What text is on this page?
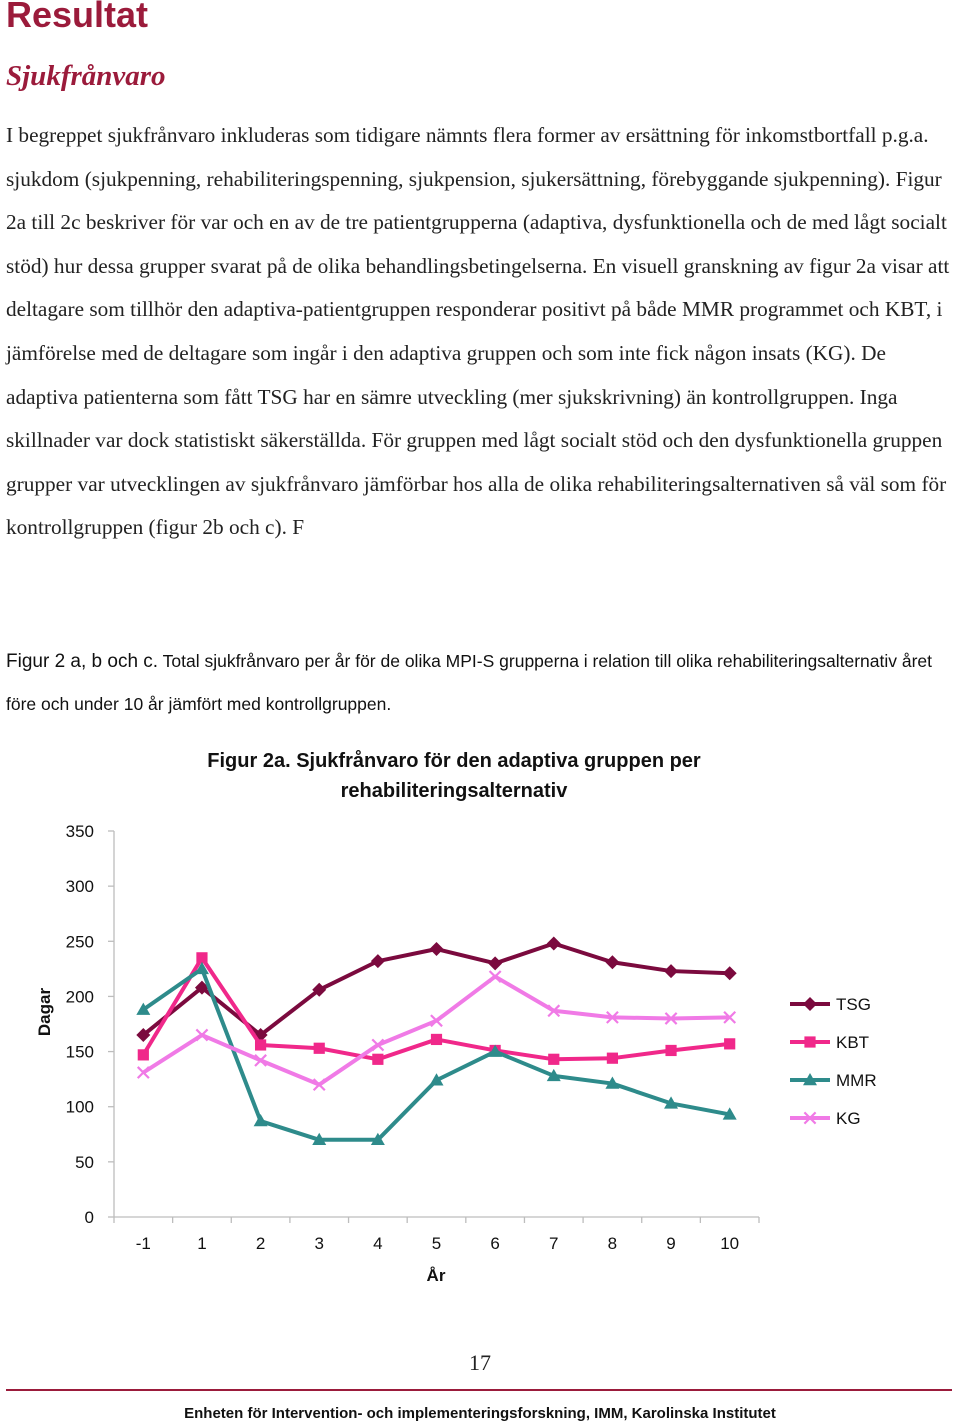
Resultat
Sjukfrånvaro

I begreppet sjukfrånvaro inkluderas som tidigare nämnts flera former av ersättning för inkomstbortfall p.g.a. sjukdom (sjukpenning, rehabiliteringspenning, sjukpension, sjukersättning, förebyggande sjukpenning). Figur 2a till 2c beskriver för var och en av de tre patientgrupperna (adaptiva, dysfunktionella och de med lågt socialt stöd) hur dessa grupper svarat på de olika behandlingsbetingelserna. En visuell granskning av figur 2a visar att deltagare som tillhör den adaptiva-patientgruppen responderar positivt på både MMR programmet och KBT, i jämförelse med de deltagare som ingår i den adaptiva gruppen och som inte fick någon insats (KG). De adaptiva patienterna som fått TSG har en sämre utveckling (mer sjukskrivning) än kontrollgruppen. Inga skillnader var dock statistiskt säkerställda. För gruppen med lågt socialt stöd och den dysfunktionella gruppen grupper var utvecklingen av sjukfrånvaro jämförbar hos alla de olika rehabiliteringsalternativen så väl som för kontrollgruppen (figur 2b och c). F

Figur 2 a, b och c. Total sjukfrånvaro per år för de olika MPI-S grupperna i relation till olika rehabiliteringsalternativ året före och under 10 år jämfört med kontrollgruppen.

Figur 2a. Sjukfrånvaro för den adaptiva gruppen per
rehabiliteringsalternativ
0
50
100
150
200
250
300
350
-1	1	2	3	4	5	6	7	8	9	10
Dagar
År
TSG
KBT
MMR
KG
17
Enheten för Intervention- och implementeringsforskning, IMM, Karolinska Institutet
